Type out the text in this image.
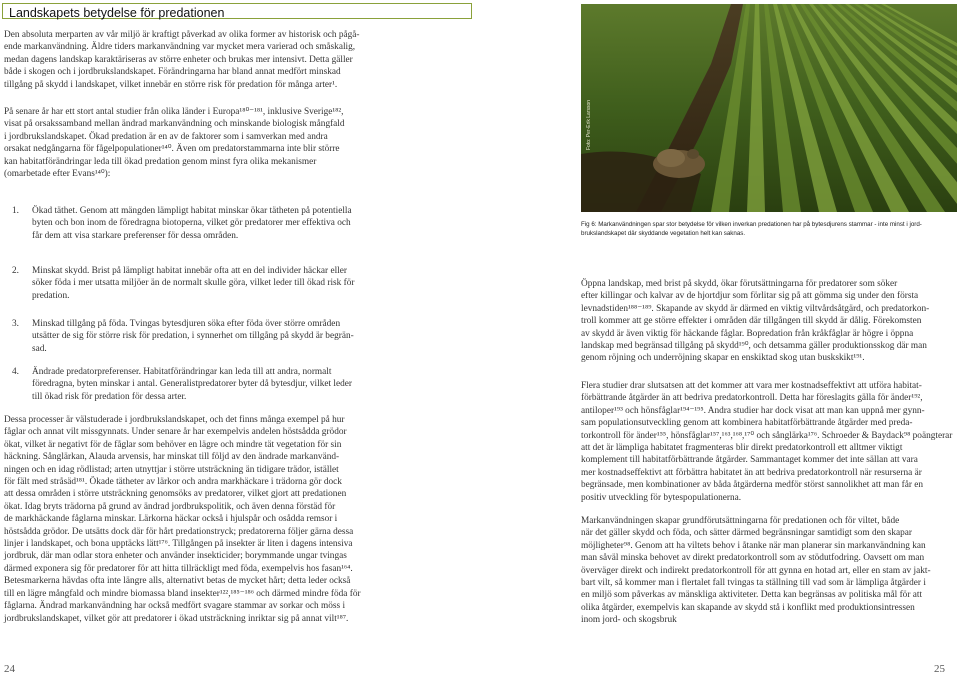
Landskapets betydelse för predationen
Den absoluta merparten av vår miljö är kraftigt påverkad av olika former av historisk och pågå-
ende markanvändning. Äldre tiders markanvändning var mycket mera varierad och småskalig,
medan dagens landskap karaktäriseras av större enheter och brukas mer intensivt. Detta gäller
både i skogen och i jordbrukslandskapet. Förändringarna har bland annat medfört minskad
tillgång på skydd i landskapet, vilket innebär en större risk för predation för många arter¹.
På senare år har ett stort antal studier från olika länder i Europa¹⁸⁰⁻¹⁸¹, inklusive Sverige¹⁸²,
visat på orsakssamband mellan ändrad markanvändning och minskande biologisk mångfald
i jordbrukslandskapet. Ökad predation är en av de faktorer som i samverkan med andra
orsakat nedgångarna för fågelpopulationer¹⁴⁰. Även om predatorstammarna inte blir större
kan habitatförändringar leda till ökad predation genom minst fyra olika mekanismer
(omarbetade efter Evans¹⁴⁰):
1. Ökad täthet. Genom att mängden lämpligt habitat minskar ökar tätheten på potentiella
byten och bon inom de föredragna biotoperna, vilket gör predatorer mer effektiva och
får dem att visa starkare preferenser för dessa områden.
2. Minskat skydd. Brist på lämpligt habitat innebär ofta att en del individer häckar eller
söker föda i mer utsatta miljöer än de normalt skulle göra, vilket leder till ökad risk för
predation.
3. Minskad tillgång på föda. Tvingas bytesdjuren söka efter föda över större områden
utsätter de sig för större risk för predation, i synnerhet om tillgång på skydd är begrän-
sad.
4. Ändrade predatorpreferenser. Habitatförändringar kan leda till att andra, normalt
föredragna, byten minskar i antal. Generalistpredatorer byter då bytesdjur, vilket leder
till ökad risk för predation för dessa arter.
Dessa processer är välstuderade i jordbrukslandskapet, och det finns många exempel på hur
fåglar och annat vilt missgynnats. Under senare år har exempelvis andelen höstsådda grödor
ökat, vilket är negativt för de fåglar som behöver en lägre och mindre tät vegetation för sin
häckning. Sånglärkan, Alauda arvensis, har minskat till följd av den ändrade markanvänd-
ningen och en idag rödlistad; arten utnyttjar i större utsträckning än tidigare trädor, istället
för fält med stråsäd¹⁸¹. Ökade tätheter av lärkor och andra markhäckare i trädorna gör dock
att dessa områden i större utsträckning genomsöks av predatorer, vilket gjort att predationen
ökat. Idag bryts trädorna på grund av ändrad jordbrukspolitik, och även denna förstäd för
de markhäckande fåglarna minskar. Lärkorna häckar också i hjulspår och osådda remsor i
höstsådda grödor. De utsätts dock där för hårt predationstryck; predatorerna följer gärna dessa
linjer i landskapet, och bona upptäcks lätt¹⁷⁶. Tillgången på insekter är liten i dagens intensiva
jordbruk, där man odlar stora enheter och använder insekticider; borymmande ungar tvingas
därmed exponera sig för predatorer för att hitta tillräckligt med föda, exempelvis hos fasan¹⁶⁴.
Betesmarkerna hävdas ofta inte längre alls, alternativt betas de mycket hårt; detta leder också
till en lägre mångfald och mindre biomassa bland insekter¹²²,¹⁸⁵⁻¹⁸⁶ och därmed mindre föda för
fåglarna. Ändrad markanvändning har också medfört svagare stammar av sorkar och möss i
jordbrukslandskapet, vilket gör att predatorer i ökad utsträckning inriktar sig på annat vilt¹⁸⁷.
24
Foto: Per-Erik Larsson
Fig 6: Markanvändningen spar stor betydelse för vilken inverkan predationen har på bytesdjurens stammar - inte minst i jord-
brukslandskapet där skyddande vegetation helt kan saknas.
Öppna landskap, med brist på skydd, ökar förutsättningarna för predatorer som söker
efter killingar och kalvar av de hjortdjur som förlitar sig på att gömma sig under den första
levnadstiden¹⁸⁸⁻¹⁸⁹. Skapande av skydd är därmed en viktig viltvårdsåtgärd, och predatorkon-
troll kommer att ge större effekter i områden där tillgången till skydd är dålig. Förekomsten
av skydd är även viktig för häckande fåglar. Bopredation från kråkfåglar är högre i öppna
landskap med begränsad tillgång på skydd¹⁹⁰, och detsamma gäller produktionsskog där man
genom röjning och underröjning skapar en enskiktad skog utan buskskikt¹⁹¹.
Flera studier drar slutsatsen att det kommer att vara mer kostnadseffektivt att utföra habitat-
förbättrande åtgärder än att bedriva predatorkontroll. Detta har föreslagits gälla för änder¹⁹²,
antiloper¹⁹³ och hönsfåglar¹⁹⁴⁻¹⁹⁵. Andra studier har dock visat att man kan uppnå mer gynn-
sam populationsutveckling genom att kombinera habitatförbättrande åtgärder med preda-
torkontroll för änder¹⁵⁵, hönsfåglar¹⁵⁷,¹⁶³,¹⁶⁸,¹⁷⁰ och sånglärka¹⁷⁶. Schroeder & Baydack⁹⁸ poängterar
att det är lämpliga habitatet fragmenteras blir direkt predatorkontroll ett alltmer viktigt
komplement till habitatförbättrande åtgärder. Sammantaget kommer det inte sällan att vara
mer kostnadseffektivt att förbättra habitatet än att bedriva predatorkontroll när resurserna är
begränsade, men kombinationer av båda åtgärderna medför störst sannolikhet att man får en
positiv utveckling för bytespopulationerna.
Markanvändningen skapar grundförutsättningarna för predationen och för viltet, både
när det gäller skydd och föda, och sätter därmed begränsningar samtidigt som den skapar
möjligheter⁹⁸. Genom att ha viltets behov i åtanke när man planerar sin markanvändning kan
man såväl minska behovet av direkt predatorkontroll som av stödutfodring. Oavsett om man
överväger direkt och indirekt predatorkontroll för att gynna en hotad art, eller en stam av jakt-
bart vilt, så kommer man i flertalet fall tvingas ta ställning till vad som är lämpliga åtgärder i
en miljö som påverkas av mänskliga aktiviteter. Detta kan begränsas av politiska mål för att
olika åtgärder, exempelvis kan skapande av skydd stå i konflikt med produktionsintressen
inom jord- och skogsbruk
25
